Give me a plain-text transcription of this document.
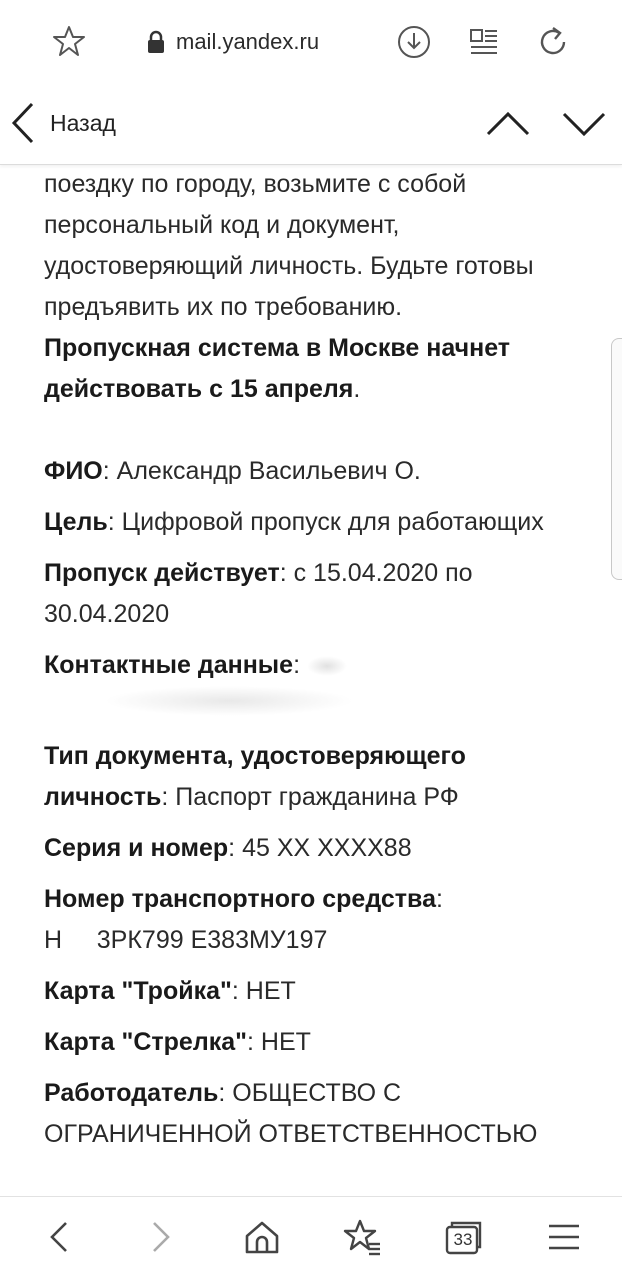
mail.yandex.ru
Назад

поездку по городу, возьмите с собой персональный код и документ, удостоверяющий личность. Будьте готовы предъявить их по требованию.

Пропускная система в Москве начнет действовать с 15 апреля.

ФИО: Александр Васильевич О.

Цель: Цифровой пропуск для работающих

Пропуск действует: с 15.04.2020 по 30.04.2020

Контактные данные:

Тип документа, удостоверяющего личность: Паспорт гражданина РФ

Серия и номер: 45 XX XXXX88

Номер транспортного средства: Н     3РК799 Е383МУ197

Карта "Тройка": НЕТ

Карта "Стрелка": НЕТ

Работодатель: ОБЩЕСТВО С ОГРАНИЧЕННОЙ ОТВЕТСТВЕННОСТЬЮ

33
